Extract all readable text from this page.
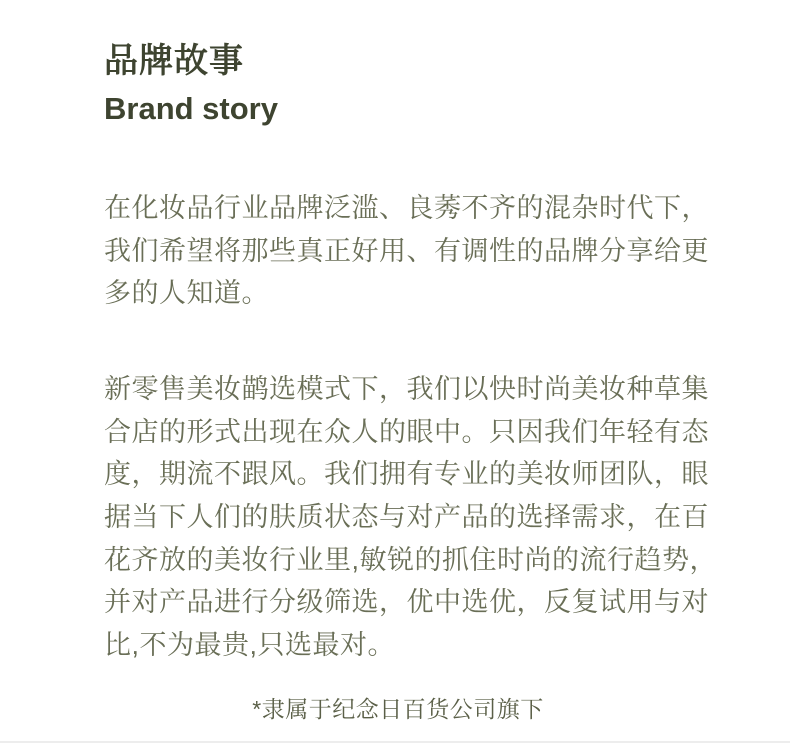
品牌故事
Brand story
在化妆品行业品牌泛滥、良莠不齐的混杂时代下，
我们希望将那些真正好用、有调性的品牌分享给更
多的人知道。
新零售美妆鹋选模式下，我们以快时尚美妆种草集
合店的形式出现在众人的眼中。只因我们年轻有态
度，期流不跟风。我们拥有专业的美妆师团队，眼
据当下人们的肤质状态与对产品的选择需求，在百
花齐放的美妆行业里,敏锐的抓住时尚的流行趋势，
并对产品进行分级筛选，优中选优，反复试用与对
比,不为最贵,只选最对。
*隶属于纪念日百货公司旗下
